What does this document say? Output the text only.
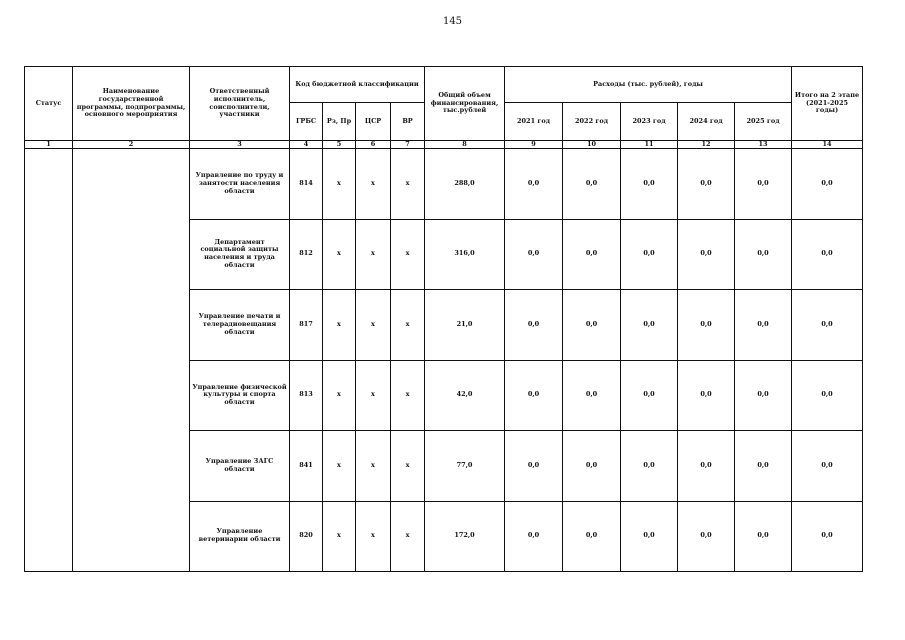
145
Статус	Наименование государственной программы, подпрограммы, основного мероприятия	Ответственный исполнитель, соисполнители, участники	Код бюджетной классификации				Общий объем финансирования, тыс.рублей	Расходы (тыс. рублей), годы					Итого на 2 этапе (2021-2025 годы)
			ГРБС	Рз, Пр	ЦСР	ВР		2021 год	2022 год	2023 год	2024 год	2025 год	
1	2	3	4	5	6	7	8	9	10	11	12	13	14
		Управление по труду и занятости населения области	814	x	x	x	288,0	0,0	0,0	0,0	0,0	0,0	0,0
		Департамент социальной защиты населения и труда области	812	x	x	x	316,0	0,0	0,0	0,0	0,0	0,0	0,0
		Управление печати и телерадиовещания области	817	x	x	x	21,0	0,0	0,0	0,0	0,0	0,0	0,0
		Управление физической культуры и спорта области	813	x	x	x	42,0	0,0	0,0	0,0	0,0	0,0	0,0
		Управление ЗАГС области	841	x	x	x	77,0	0,0	0,0	0,0	0,0	0,0	0,0
		Управление ветеринарии области	820	x	x	x	172,0	0,0	0,0	0,0	0,0	0,0	0,0
